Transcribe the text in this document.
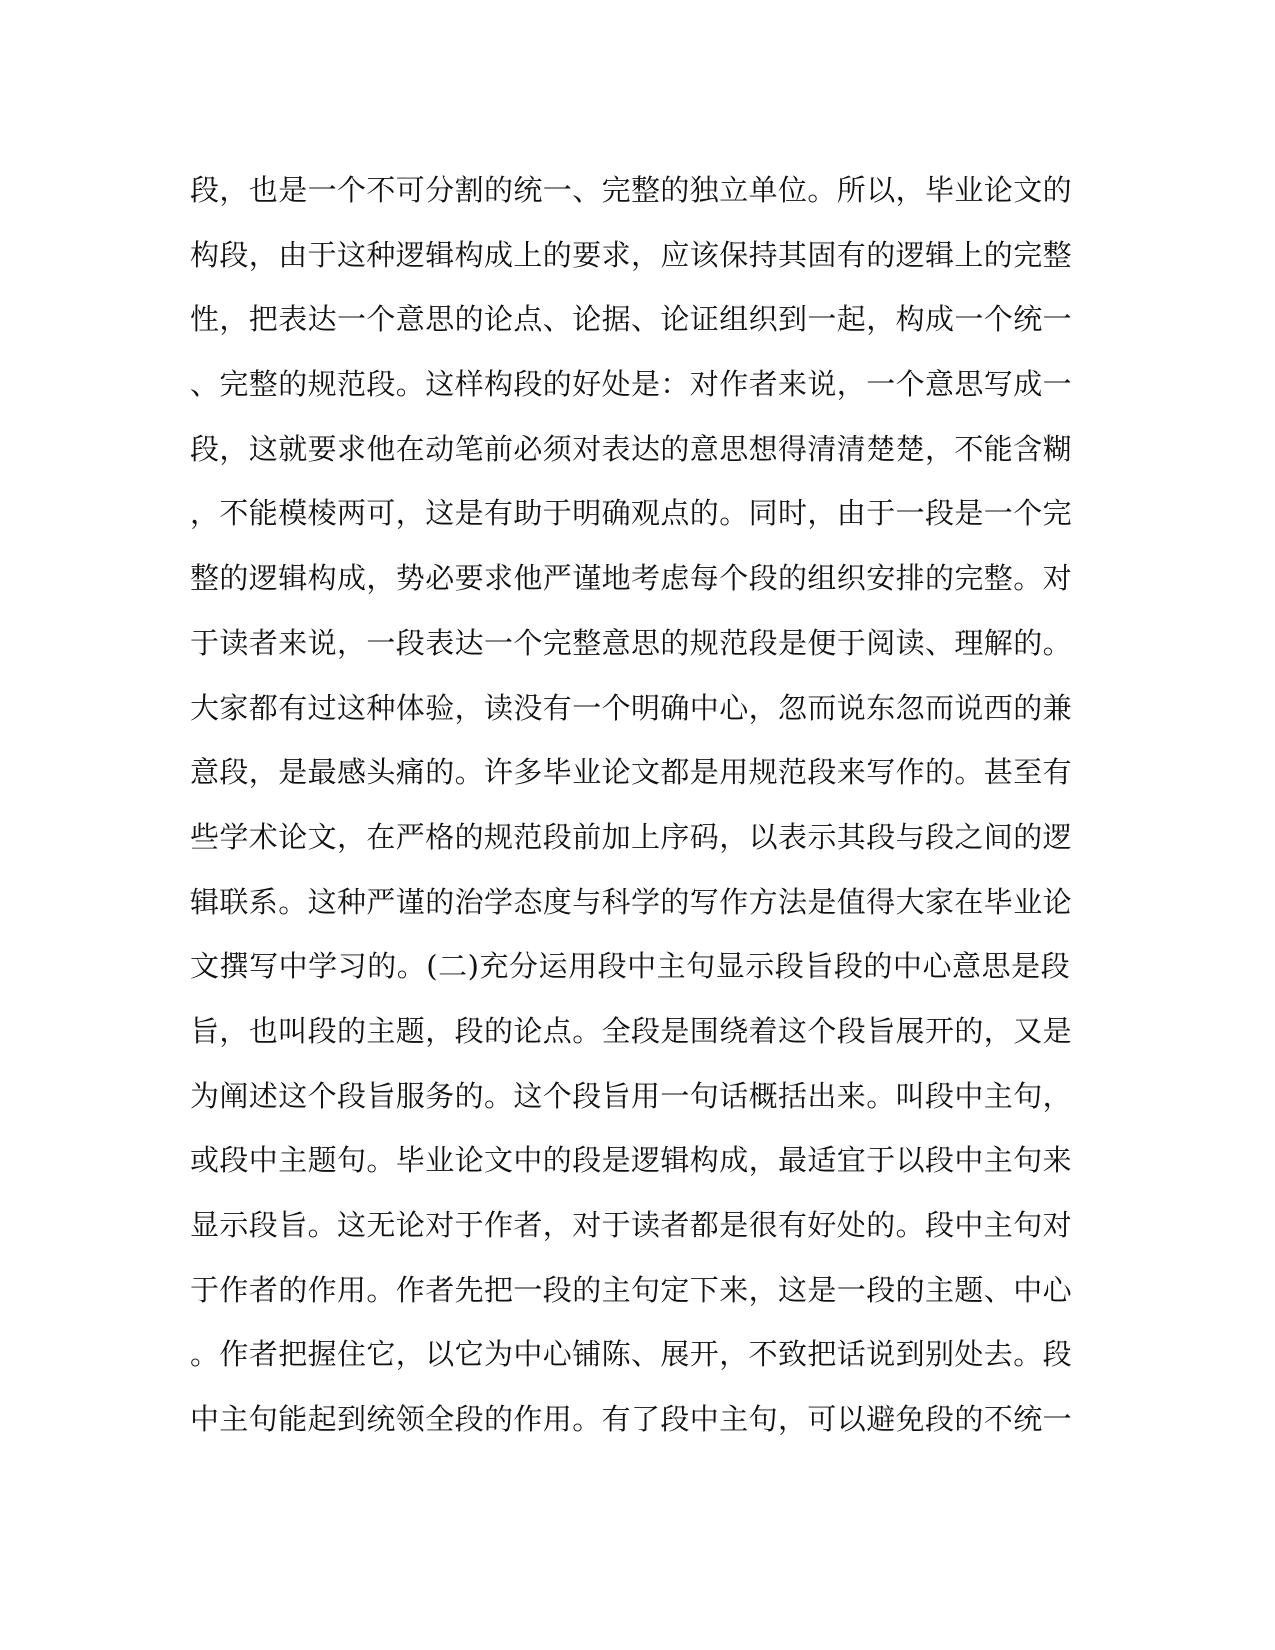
段，也是一个不可分割的统一、完整的独立单位。所以，毕业论文的
构段，由于这种逻辑构成上的要求，应该保持其固有的逻辑上的完整
性，把表达一个意思的论点、论据、论证组织到一起，构成一个统一
、完整的规范段。这样构段的好处是：对作者来说，一个意思写成一
段，这就要求他在动笔前必须对表达的意思想得清清楚楚，不能含糊
，不能模棱两可，这是有助于明确观点的。同时，由于一段是一个完
整的逻辑构成，势必要求他严谨地考虑每个段的组织安排的完整。对
于读者来说，一段表达一个完整意思的规范段是便于阅读、理解的。
大家都有过这种体验，读没有一个明确中心，忽而说东忽而说西的兼
意段，是最感头痛的。许多毕业论文都是用规范段来写作的。甚至有
些学术论文，在严格的规范段前加上序码，以表示其段与段之间的逻
辑联系。这种严谨的治学态度与科学的写作方法是值得大家在毕业论
文撰写中学习的。(二)充分运用段中主句显示段旨段的中心意思是段
旨，也叫段的主题，段的论点。全段是围绕着这个段旨展开的，又是
为阐述这个段旨服务的。这个段旨用一句话概括出来。叫段中主句，
或段中主题句。毕业论文中的段是逻辑构成，最适宜于以段中主句来
显示段旨。这无论对于作者，对于读者都是很有好处的。段中主句对
于作者的作用。作者先把一段的主句定下来，这是一段的主题、中心
。作者把握住它，以它为中心铺陈、展开，不致把话说到别处去。段
中主句能起到统领全段的作用。有了段中主句，可以避免段的不统一
